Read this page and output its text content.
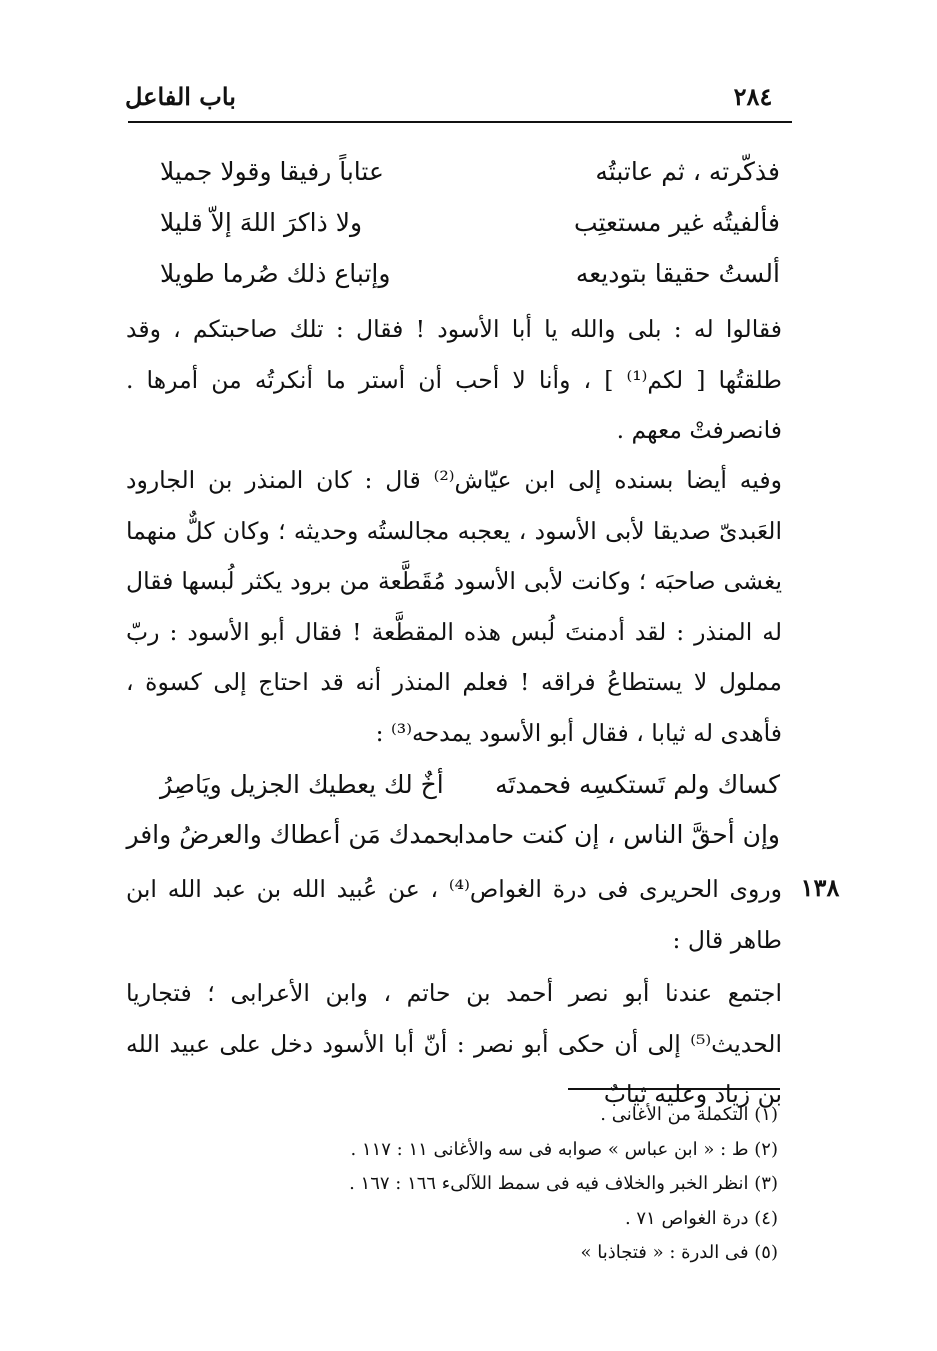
٢٨٤
باب الفاعل
فذكّرته ، ثم عاتبتُه
عتاباً رفيقا وقولا جميلا
فألفيتُه غير مستعتِب
ولا ذاكرَ اللهَ إلاّ قليلا
ألستُ حقيقا بتوديعه
وإتباع ذلك صُرما طويلا

فقالوا له : بلى والله يا أبا الأسود ! فقال : تلك صاحبتكم ، وقد طلقتُها [ لكم⁽¹⁾ ] ، وأنا لا أحب أن أستر ما أنكرتُه من أمرها . فانصرفتْ معهم .

وفيه أيضا بسنده إلى ابن عيّاش⁽²⁾ قال : كان المنذر بن الجارود العَبدىّ صديقا لأبى الأسود ، يعجبه مجالستُه وحديثه ؛ وكان كلٌّ منهما يغشى صاحبَه ؛ وكانت لأبى الأسود مُقَطَّعة من برود يكثر لُبسها فقال له المنذر : لقد أدمنتَ لُبس هذه المقطَّعة ! فقال أبو الأسود : ربّ مملول لا يستطاعُ فراقه ! فعلم المنذر أنه قد احتاج إلى كسوة ، فأهدى له ثيابا ، فقال أبو الأسود يمدحه⁽³⁾ :

كساك ولم تَستكسِه فحمدتَه
أخٌ لك يعطيك الجزيل ويَاصِرُ
وإن أحقَّ الناس ، إن كنت حامدا
بحمدك مَن أعطاك والعرضُ وافر
١٣٨

وروى الحريرى فى درة الغواص⁽⁴⁾ ، عن عُبيد الله بن عبد الله ابن طاهر قال :

اجتمع عندنا أبو نصر أحمد بن حاتم ، وابن الأعرابى ؛ فتجاريا الحديث⁽⁵⁾ إلى أن حكى أبو نصر : أنّ أبا الأسود دخل على عبيد الله بن زياد وعليه ثيابٌ

(١) التكملة من الأغانى .
(٢) ط : « ابن عباس » صوابه فى سه والأغانى ١١ : ١١٧ .
(٣) انظر الخبر والخلاف فيه فى سمط اللآلىء ١٦٦ : ١٦٧ .
(٤) درة الغواص ٧١ .
(٥) فى الدرة : « فتجاذبا »
